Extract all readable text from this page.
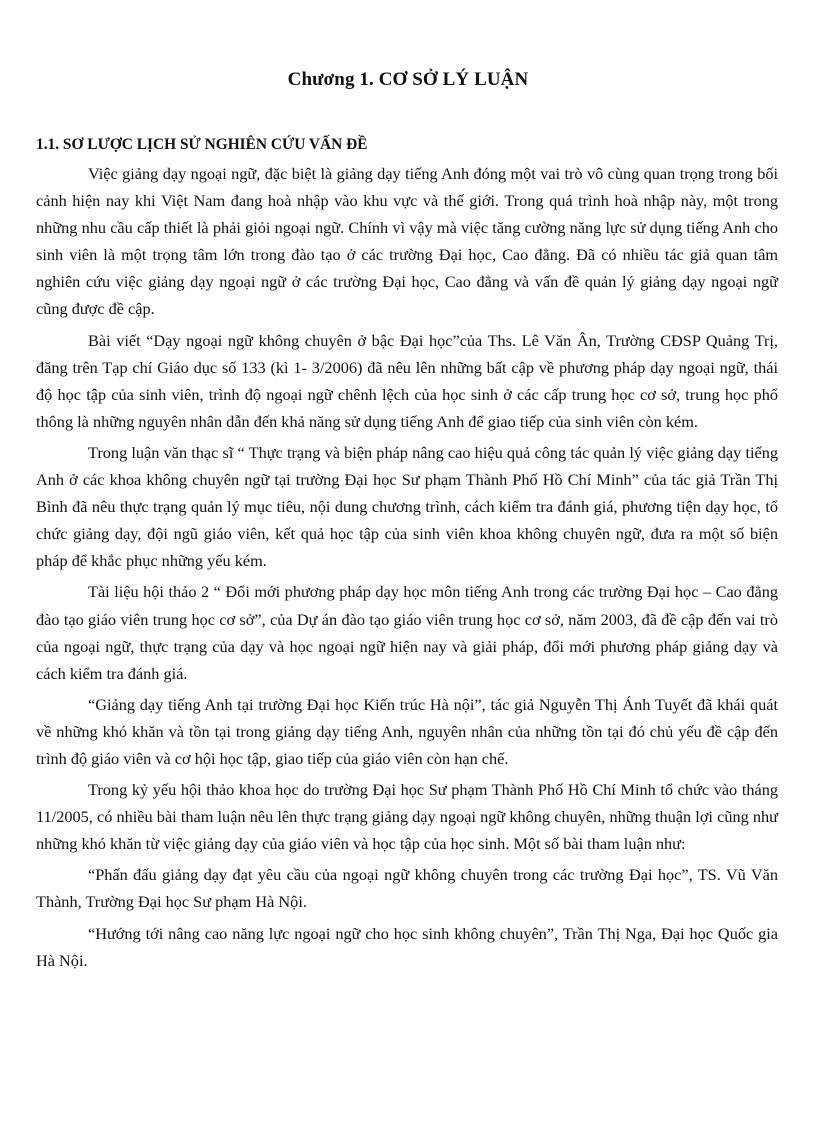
Chương 1. CƠ SỞ LÝ LUẬN
1.1. SƠ LƯỢC LỊCH SỬ NGHIÊN CỨU VẤN ĐỀ

Việc giảng dạy ngoại ngữ, đặc biệt là giảng dạy tiếng Anh đóng một vai trò vô cùng quan trọng trong bối cảnh hiện nay khi Việt Nam đang hoà nhập vào khu vực và thế giới. Trong quá trình hoà nhập này, một trong những nhu cầu cấp thiết là phải giỏi ngoại ngữ. Chính vì vậy mà việc tăng cường năng lực sử dụng tiếng Anh cho sinh viên là một trọng tâm lớn trong đào tạo ở các trường Đại học, Cao đẳng. Đã có nhiều tác giả quan tâm nghiên cứu việc giảng dạy ngoại ngữ ở các trường Đại học, Cao đẳng và vấn đề quản lý giảng dạy ngoại ngữ cũng được đề cập.

Bài viết “Dạy ngoại ngữ không chuyên ở bậc Đại học”của Ths. Lê Văn Ân, Trường CĐSP Quảng Trị, đăng trên Tạp chí Giáo dục số 133 (kì 1- 3/2006) đã nêu lên những bất cập về phương pháp dạy ngoại ngữ, thái độ học tập của sinh viên, trình độ ngoại ngữ chênh lệch của học sinh ở các cấp trung học cơ sở, trung học phổ thông là những nguyên nhân dẫn đến khả năng sử dụng tiếng Anh để giao tiếp của sinh viên còn kém.

Trong luận văn thạc sĩ “ Thực trạng và biện pháp nâng cao hiệu quả công tác quản lý việc giảng dạy tiếng Anh ở các khoa không chuyên ngữ tại trường Đại học Sư phạm Thành Phố Hồ Chí Minh” của tác giả Trần Thị Bình đã nêu thực trạng quản lý mục tiêu, nội dung chương trình, cách kiểm tra đánh giá, phương tiện dạy học, tổ chức giảng dạy, đội ngũ giáo viên, kết quả học tập của sinh viên khoa không chuyên ngữ, đưa ra một số biện pháp để khắc phục những yếu kém.

Tài liệu hội thảo 2 “ Đổi mới phương pháp dạy học môn tiếng Anh trong các trường Đại học – Cao đẳng đào tạo giáo viên trung học cơ sở”, của Dự án đào tạo giáo viên trung học cơ sở, năm 2003, đã đề cập đến vai trò của ngoại ngữ, thực trạng của dạy và học ngoại ngữ hiện nay và giải pháp, đổi mới phương pháp giảng dạy và cách kiểm tra đánh giá.

“Giảng dạy tiếng Anh tại trường Đại học Kiến trúc Hà nội”, tác giả Nguyễn Thị Ánh Tuyết đã khái quát về những khó khăn và tồn tại trong giảng dạy tiếng Anh, nguyên nhân của những tồn tại đó chủ yếu đề cập đến trình độ giáo viên và cơ hội học tập, giao tiếp của giáo viên còn hạn chế.

Trong kỷ yếu hội thảo khoa học do trường Đại học Sư phạm Thành Phố Hồ Chí Minh tổ chức vào tháng 11/2005, có nhiều bài tham luận nêu lên thực trạng giảng dạy ngoại ngữ không chuyên, những thuận lợi cũng như những khó khăn từ việc giảng dạy của giáo viên và học tập của học sinh. Một số bài tham luận như:

“Phấn đấu giảng dạy đạt yêu cầu của ngoại ngữ không chuyên trong các trường Đại học”, TS. Vũ Văn Thành, Trường Đại học Sư phạm Hà Nội.

“Hướng tới nâng cao năng lực ngoại ngữ cho học sinh không chuyên”, Trần Thị Nga, Đại học Quốc gia Hà Nội.
